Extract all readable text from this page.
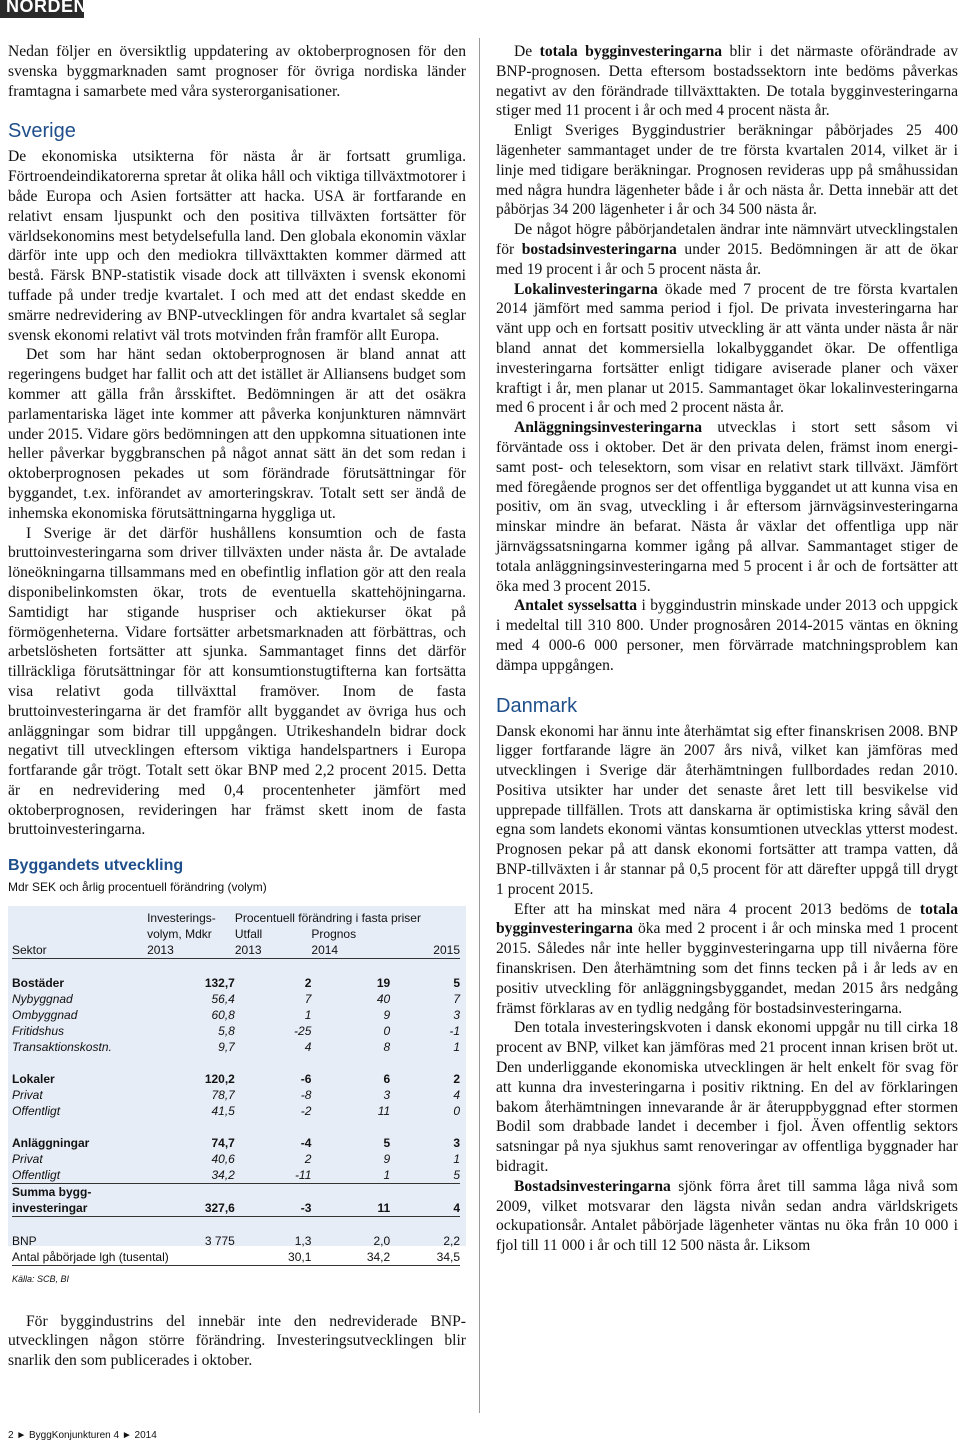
NORDEN

Nedan följer en översiktlig uppdatering av oktoberprognosen för den svenska byggmarknaden samt prognoser för övriga nordiska länder framtagna i samarbete med våra systerorganisationer.

Sverige

De ekonomiska utsikterna för nästa år är fortsatt grumliga. Förtroendeindikatorerna spretar åt olika håll och viktiga tillväxtmotorer i både Europa och Asien fortsätter att hacka. USA är fortfarande en relativt ensam ljuspunkt och den positiva tillväxten fortsätter för världsekonomins mest betydelsefulla land. Den globala ekonomin växlar därför inte upp och den mediokra tillväxttakten kommer därmed att bestå. Färsk BNP-statistik visade dock att tillväxten i svensk ekonomi tuffade på under tredje kvartalet. I och med att det endast skedde en smärre nedrevidering av BNP-utvecklingen för andra kvartalet så seglar svensk ekonomi relativt väl trots motvinden från framför allt Europa.

Det som har hänt sedan oktoberprognosen är bland annat att regeringens budget har fallit och att det istället är Alliansens budget som kommer att gälla från årsskiftet. Bedömningen är att det osäkra parlamentariska läget inte kommer att påverka konjunkturen nämnvärt under 2015. Vidare görs bedömningen att den uppkomna situationen inte heller påverkar byggbranschen på något annat sätt än det som redan i oktoberprognosen pekades ut som förändrade förutsättningar för byggandet, t.ex. införandet av amorteringskrav. Totalt sett ser ändå de inhemska ekonomiska förutsättningarna hyggliga ut.

I Sverige är det därför hushållens konsumtion och de fasta bruttoinvesteringarna som driver tillväxten under nästa år. De avtalade löneökningarna tillsammans med en obefintlig inflation gör att den reala disponibelinkomsten ökar, trots de eventuella skattehöjningarna. Samtidigt har stigande huspriser och aktiekurser ökat på förmögenheterna. Vidare fortsätter arbetsmarknaden att förbättras, och arbetslösheten fortsätter att sjunka. Sammantaget finns det därför tillräckliga förutsättningar för att konsumtionstugtifterna kan fortsätta visa relativt goda tillväxttal framöver. Inom de fasta bruttoinvesteringarna är det framför allt byggandet av övriga hus och anläggningar som bidrar till uppgången. Utrikeshandeln bidrar dock negativt till utvecklingen eftersom viktiga handelspartners i Europa fortfarande går trögt. Totalt sett ökar BNP med 2,2 procent 2015. Detta är en nedrevidering med 0,4 procentenheter jämfört med oktoberprognosen, revideringen har främst skett inom de fasta bruttoinvesteringarna.

Byggandets utveckling
Mdr SEK och årlig procentuell förändring (volym)
	Investerings-	Procentuell förändring i fasta priser		
	volym, Mdkr	Utfall	Prognos	
Sektor	2013	2013	2014	2015

Bostäder	132,7	2	19	5
Nybyggnad	56,4	7	40	7
Ombyggnad	60,8	1	9	3
Fritidshus	5,8	-25	0	-1
Transaktionskostn.	9,7	4	8	1

Lokaler	120,2	-6	6	2
Privat	78,7	-8	3	4
Offentligt	41,5	-2	11	0

Anläggningar	74,7	-4	5	3
Privat	40,6	2	9	1
Offentligt	34,2	-11	1	5
Summa bygg-				
investeringar	327,6	-3	11	4

BNP	3 775	1,3	2,0	2,2
Antal påbörjade lgh (tusental)		30,1	34,2	34,5
Källa: SCB, BI

För byggindustrins del innebär inte den nedreviderade BNP-utvecklingen någon större förändring. Investeringsutvecklingen blir snarlik den som publicerades i oktober.

De totala bygginvesteringarna blir i det närmaste oförändrade av BNP-prognosen. Detta eftersom bostadssektorn inte bedöms påverkas negativt av den förändrade tillväxttakten. De totala bygginvesteringarna stiger med 11 procent i år och med 4 procent nästa år.

Enligt Sveriges Byggindustrier beräkningar påbörjades 25 400 lägenheter sammantaget under de tre första kvartalen 2014, vilket är i linje med tidigare beräkningar. Prognosen revideras upp på småhussidan med några hundra lägenheter både i år och nästa år. Detta innebär att det påbörjas 34 200 lägenheter i år och 34 500 nästa år.

De något högre påbörjandetalen ändrar inte nämnvärt utvecklingstalen för bostadsinvesteringarna under 2015. Bedömningen är att de ökar med 19 procent i år och 5 procent nästa år.

Lokalinvesteringarna ökade med 7 procent de tre första kvartalen 2014 jämfört med samma period i fjol. De privata investeringarna har vänt upp och en fortsatt positiv utveckling är att vänta under nästa år när bland annat det kommersiella lokalbyggandet ökar. De offentliga investeringarna fortsätter enligt tidigare aviserade planer och växer kraftigt i år, men planar ut 2015. Sammantaget ökar lokalinvesteringarna med 6 procent i år och med 2 procent nästa år.

Anläggningsinvesteringarna utvecklas i stort sett såsom vi förväntade oss i oktober. Det är den privata delen, främst inom energi- samt post- och telesektorn, som visar en relativt stark tillväxt. Jämfört med föregående prognos ser det offentliga byggandet ut att kunna visa en positiv, om än svag, utveckling i år eftersom järnvägsinvesteringarna minskar mindre än befarat. Nästa år växlar det offentliga upp när järnvägssatsningarna kommer igång på allvar. Sammantaget stiger de totala anläggningsinvesteringarna med 5 procent i år och de fortsätter att öka med 3 procent 2015.

Antalet sysselsatta i byggindustrin minskade under 2013 och uppgick i medeltal till 310 800. Under prognosåren 2014-2015 väntas en ökning med 4 000-6 000 personer, men förvärrade matchningsproblem kan dämpa uppgången.

Danmark

Dansk ekonomi har ännu inte återhämtat sig efter finanskrisen 2008. BNP ligger fortfarande lägre än 2007 års nivå, vilket kan jämföras med utvecklingen i Sverige där återhämtningen fullbordades redan 2010. Positiva utsikter har under det senaste året lett till besvikelse vid upprepade tillfällen. Trots att danskarna är optimistiska kring såväl den egna som landets ekonomi väntas konsumtionen utvecklas ytterst modest. Prognosen pekar på att dansk ekonomi fortsätter att trampa vatten, då BNP-tillväxten i år stannar på 0,5 procent för att därefter uppgå till drygt 1 procent 2015.

Efter att ha minskat med nära 4 procent 2013 bedöms de totala bygginvesteringarna öka med 2 procent i år och minska med 1 procent 2015. Således når inte heller bygginvesteringarna upp till nivåerna före finanskrisen. Den återhämtning som det finns tecken på i år leds av en positiv utveckling för anläggningsbyggandet, medan 2015 års nedgång främst förklaras av en tydlig nedgång för bostadsinvesteringarna.

Den totala investeringskvoten i dansk ekonomi uppgår nu till cirka 18 procent av BNP, vilket kan jämföras med 21 procent innan krisen bröt ut. Den underliggande ekonomiska utvecklingen är helt enkelt för svag för att kunna dra investeringarna i positiv riktning. En del av förklaringen bakom återhämtningen innevarande år är återuppbyggnad efter stormen Bodil som drabbade landet i december i fjol. Även offentlig sektors satsningar på nya sjukhus samt renoveringar av offentliga byggnader har bidragit.

Bostadsinvesteringarna sjönk förra året till samma låga nivå som 2009, vilket motsvarar den lägsta nivån sedan andra världskrigets ockupationsår. Antalet påbörjade lägenheter väntas nu öka från 10 000 i fjol till 11 000 i år och till 12 500 nästa år. Liksom

2 ► ByggKonjunkturen 4 ► 2014
